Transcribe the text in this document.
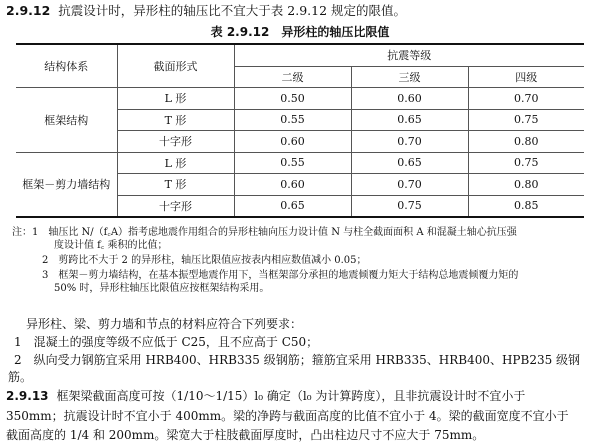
2.9.12 抗震设计时，异形柱的轴压比不宜大于表 2.9.12 规定的限值。
表 2.9.12　异形柱的轴压比限值
结构体系	截面形式	抗震等级		
		二级	三级	四级
框架结构	L 形	0.50	0.60	0.70
	T 形	0.55	0.65	0.75
	十字形	0.60	0.70	0.80
框架－剪力墙结构	L 形	0.55	0.65	0.75
	T 形	0.60	0.70	0.80
	十字形	0.65	0.75	0.85
注：1　轴压比 N/（f꜀A）指考虑地震作用组合的异形柱轴向压力设计值 N 与柱全截面面积 A 和混凝土轴心抗压强
度设计值 f꜀ 乘积的比值；
2　剪跨比不大于 2 的异形柱，轴压比限值应按表内相应数值减小 0.05；
3　框架－剪力墙结构，在基本振型地震作用下，当框架部分承担的地震倾覆力矩大于结构总地震倾覆力矩的
50% 时，异形柱轴压比限值应按框架结构采用。
异形柱、梁、剪力墙和节点的材料应符合下列要求：
1　混凝土的强度等级不应低于 C25，且不应高于 C50；
2　纵向受力钢筋宜采用 HRB400、HRB335 级钢筋；箍筋宜采用 HRB335、HRB400、HPB235 级钢
筋。
2.9.13 框架梁截面高度可按（1/10～1/15）l₀ 确定（l₀ 为计算跨度），且非抗震设计时不宜小于
350mm；抗震设计时不宜小于 400mm。梁的净跨与截面高度的比值不宜小于 4。梁的截面宽度不宜小于
截面高度的 1/4 和 200mm。梁宽大于柱肢截面厚度时，凸出柱边尺寸不应大于 75mm。
